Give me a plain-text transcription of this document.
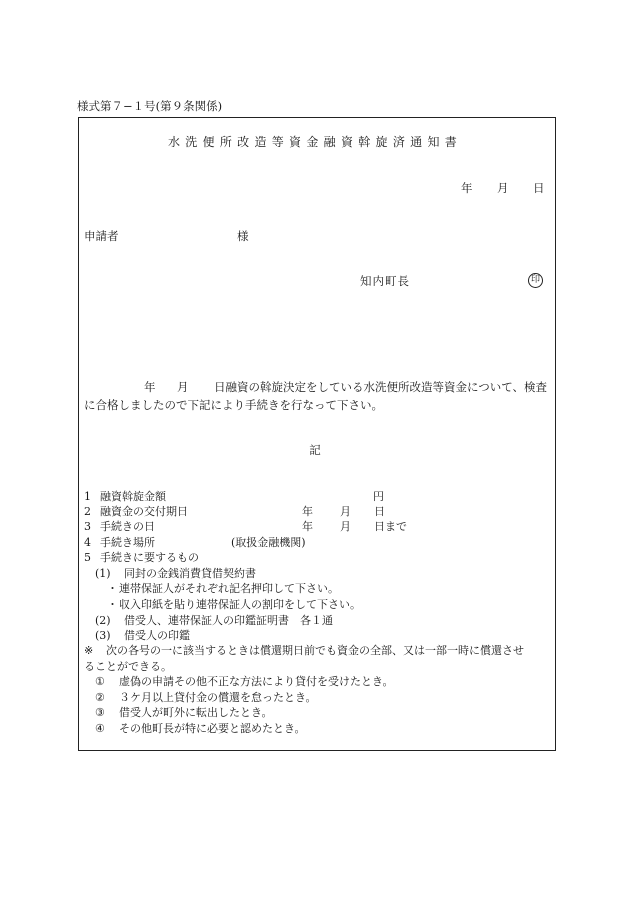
様式第７−１号(第９条関係)
水洗便所改造等資金融資斡旋済通知書
年 月 日
申請者	様
知内町長	印
年 月 日融資の斡旋決定をしている水洗便所改造等資金について、検査
に合格しましたので下記により手続きを行なって下さい。
記
1 融資斡旋金額	円
2 融資金の交付期日	年 月 日
3 手続きの日	年 月 日まで
4 手続き場所	(取扱金融機関)
5 手続きに要するもの
(1) 同封の金銭消費貸借契約書
・ 連帯保証人がそれぞれ記名押印して下さい。
・ 収入印紙を貼り連帯保証人の割印をして下さい。
(2) 借受人、連帯保証人の印鑑証明書　各１通
(3) 借受人の印鑑
※ 次の各号の一に該当するときは償還期日前でも資金の全部、又は一部一時に償還させ
ることができる。
① 虚偽の申請その他不正な方法により貸付を受けたとき。
② ３ケ月以上貸付金の償還を怠ったとき。
③ 借受人が町外に転出したとき。
④ その他町長が特に必要と認めたとき。
